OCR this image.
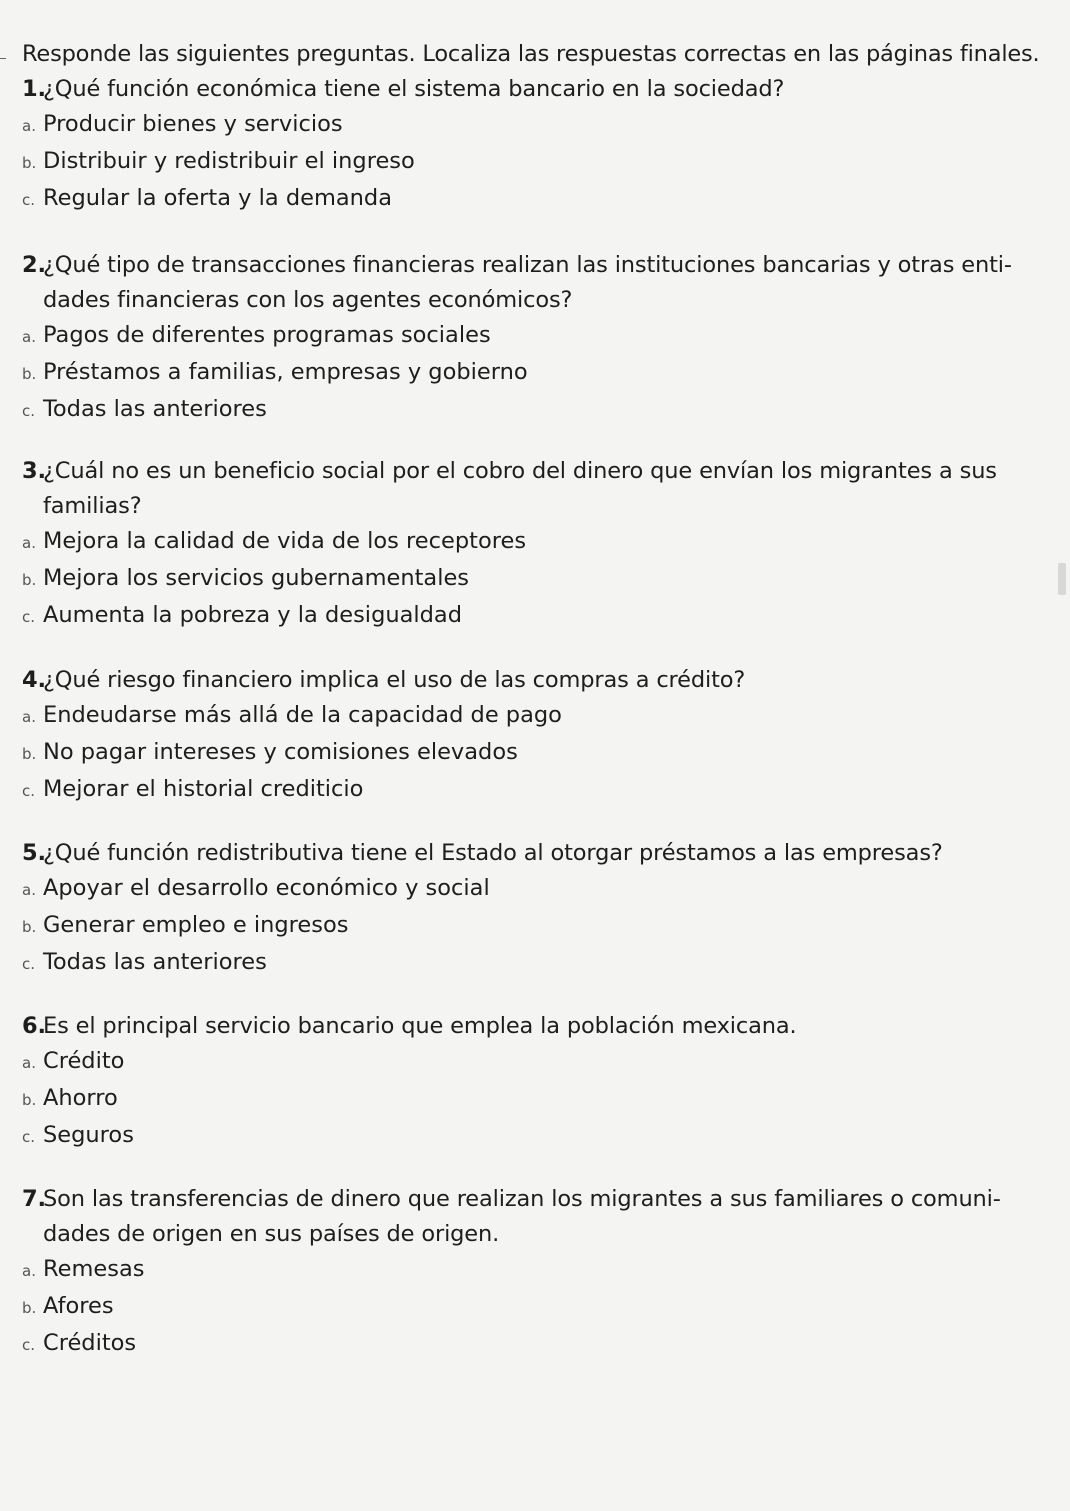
Responde las siguientes preguntas. Localiza las respuestas correctas en las páginas finales.
1.¿Qué función económica tiene el sistema bancario en la sociedad?
a. Producir bienes y servicios
b. Distribuir y redistribuir el ingreso
c. Regular la oferta y la demanda
2.¿Qué tipo de transacciones financieras realizan las instituciones bancarias y otras enti-
dades financieras con los agentes económicos?
a. Pagos de diferentes programas sociales
b. Préstamos a familias, empresas y gobierno
c. Todas las anteriores
3.¿Cuál no es un beneficio social por el cobro del dinero que envían los migrantes a sus
familias?
a. Mejora la calidad de vida de los receptores
b. Mejora los servicios gubernamentales
c. Aumenta la pobreza y la desigualdad
4.¿Qué riesgo financiero implica el uso de las compras a crédito?
a. Endeudarse más allá de la capacidad de pago
b. No pagar intereses y comisiones elevados
c. Mejorar el historial crediticio
5.¿Qué función redistributiva tiene el Estado al otorgar préstamos a las empresas?
a. Apoyar el desarrollo económico y social
b. Generar empleo e ingresos
c. Todas las anteriores
6.Es el principal servicio bancario que emplea la población mexicana.
a. Crédito
b. Ahorro
c. Seguros
7.Son las transferencias de dinero que realizan los migrantes a sus familiares o comuni-
dades de origen en sus países de origen.
a. Remesas
b. Afores
c. Créditos
